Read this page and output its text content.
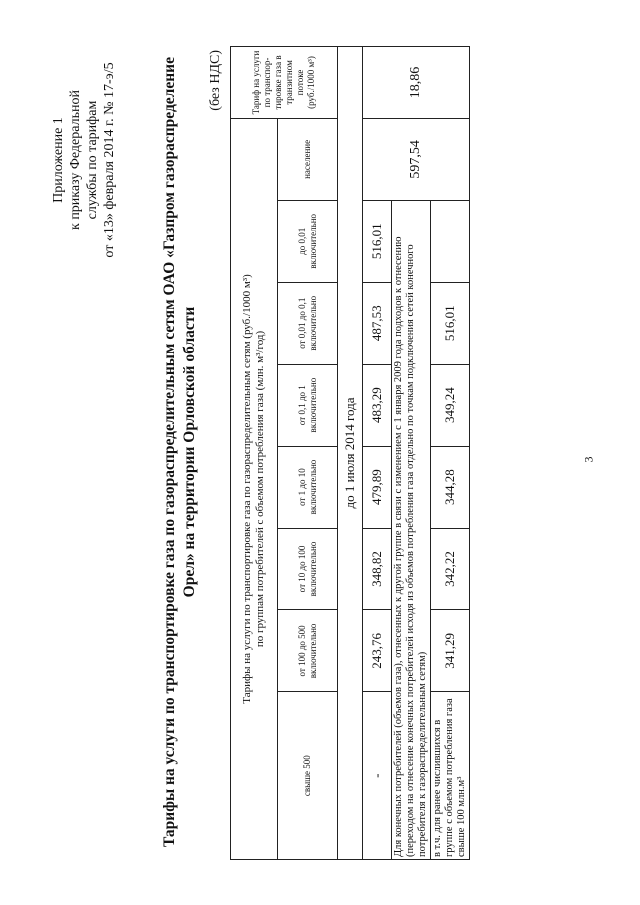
Приложение 1 к приказу Федеральной службы по тарифам от «13» февраля 2014 г. № 17-э/5	Тарифы на услуги по транспортировке газа по газораспределительным сетям ОАО «Газпром газораспределение Орел» на территории Орловской области
(без НДС)
Тарифы на услуги по транспортировке газа по газораспределительным сетям (руб./1000 м³) по группам потребителей с объемом потребления газа (млн. м³/год)								Тариф на услуги по транспор-тировке газа в транзитном потоке (руб./1000 м³)
свыше 500	от 100 до 500 включительно	от 10 до 100 включительно	от 1 до 10 включительно	от 0,1 до 1 включительно	от 0,01 до 0,1 включительно	до 0,01 включительно	население	
до 1 июля 2014 года								
-	243,76	348,82	479,89	483,29	487,53	516,01	597,54	18,86
Для конечных потребителей (объемов газа), отнесенных к другой группе в связи с изменением с 1 января 2009 года подходов к отнесению (переходом на отнесение конечных потребителей исходя из объемов потребления газа отдельно по точкам подключения сетей конечного потребителя к газораспределительным сетям)								
в т.ч. для ранее числившихся в группе с объемом потребления газа свыше 100 млн.м³	341,29	342,22	344,28	349,24	516,01			
3
